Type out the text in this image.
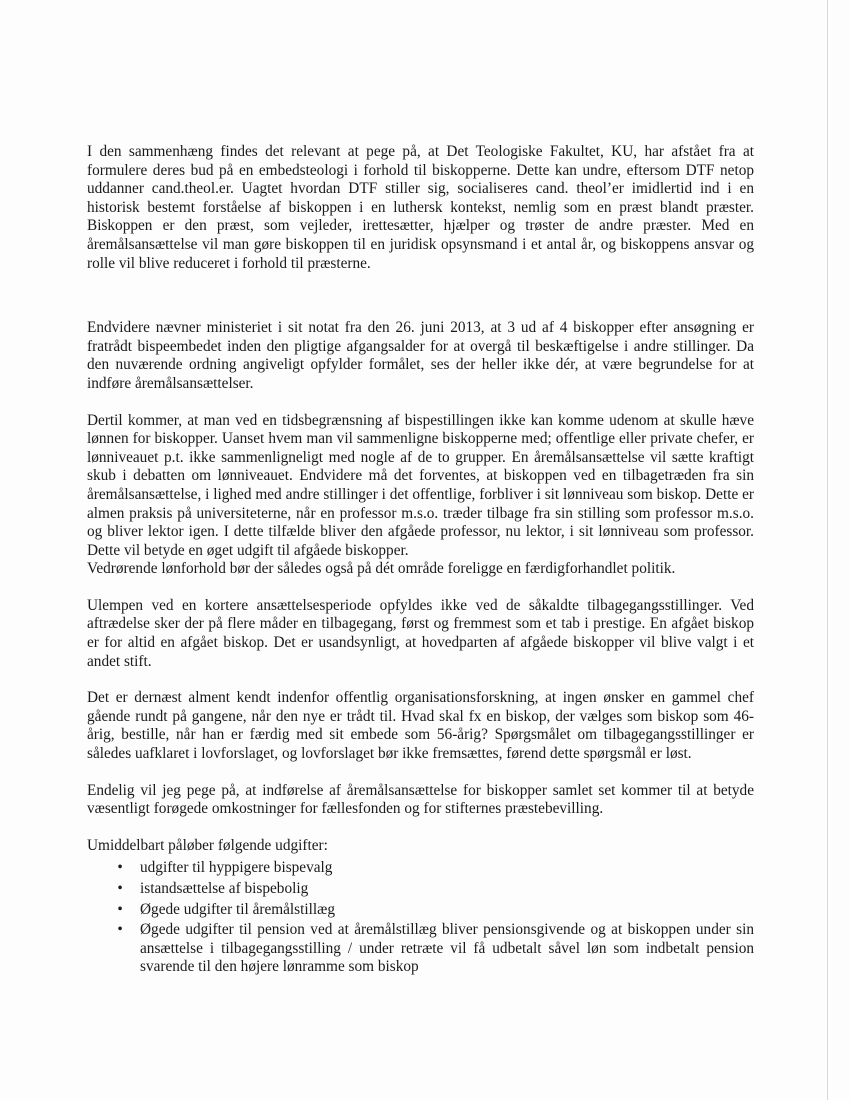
I den sammenhæng findes det relevant at pege på, at Det Teologiske Fakultet, KU, har afstået fra at formulere deres bud på en embedsteologi i forhold til biskopperne. Dette kan undre, eftersom DTF netop uddanner cand.theol.er. Uagtet hvordan DTF stiller sig, socialiseres cand. theol’er imidlertid ind i en historisk bestemt forståelse af biskoppen i en luthersk kontekst, nemlig som en præst blandt præster. Biskoppen er den præst, som vejleder, irettesætter, hjælper og trøster de andre præster. Med en åremålsansættelse vil man gøre biskoppen til en juridisk opsynsmand i et antal år, og biskoppens ansvar og rolle vil blive reduceret i forhold til præsterne.

Endvidere nævner ministeriet i sit notat fra den 26. juni 2013, at 3 ud af 4 biskopper efter ansøgning er fratrådt bispeembedet inden den pligtige afgangsalder for at overgå til beskæftigelse i andre stillinger. Da den nuværende ordning angiveligt opfylder formålet, ses der heller ikke dér, at være begrundelse for at indføre åremålsansættelser.

Dertil kommer, at man ved en tidsbegrænsning af bispestillingen ikke kan komme udenom at skulle hæve lønnen for biskopper. Uanset hvem man vil sammenligne biskopperne med; offentlige eller private chefer, er lønniveauet p.t. ikke sammenligneligt med nogle af de to grupper. En åremålsansættelse vil sætte kraftigt skub i debatten om lønniveauet. Endvidere må det forventes, at biskoppen ved en tilbagetræden fra sin åremålsansættelse, i lighed med andre stillinger i det offentlige, forbliver i sit lønniveau som biskop. Dette er almen praksis på universiteterne, når en professor m.s.o. træder tilbage fra sin stilling som professor m.s.o. og bliver lektor igen. I dette tilfælde bliver den afgåede professor, nu lektor, i sit lønniveau som professor. Dette vil betyde en øget udgift til afgåede biskopper.

Vedrørende lønforhold bør der således også på dét område foreligge en færdigforhandlet politik.

Ulempen ved en kortere ansættelsesperiode opfyldes ikke ved de såkaldte tilbagegangsstillinger. Ved aftrædelse sker der på flere måder en tilbagegang, først og fremmest som et tab i prestige. En afgået biskop er for altid en afgået biskop. Det er usandsynligt, at hovedparten af afgåede biskopper vil blive valgt i et andet stift.

Det er dernæst alment kendt indenfor offentlig organisationsforskning, at ingen ønsker en gammel chef gående rundt på gangene, når den nye er trådt til. Hvad skal fx en biskop, der vælges som biskop som 46-årig, bestille, når han er færdig med sit embede som 56-årig? Spørgsmålet om tilbagegangsstillinger er således uafklaret i lovforslaget, og lovforslaget bør ikke fremsættes, førend dette spørgsmål er løst.

Endelig vil jeg pege på, at indførelse af åremålsansættelse for biskopper samlet set kommer til at betyde væsentligt forøgede omkostninger for fællesfonden og for stifternes præstebevilling.

Umiddelbart påløber følgende udgifter:

• udgifter til hyppigere bispevalg
• istandsættelse af bispebolig
• Øgede udgifter til åremålstillæg
• Øgede udgifter til pension ved at åremålstillæg bliver pensionsgivende og at biskoppen under sin ansættelse i tilbagegangsstilling / under retræte vil få udbetalt såvel løn som indbetalt pension svarende til den højere lønramme som biskop
